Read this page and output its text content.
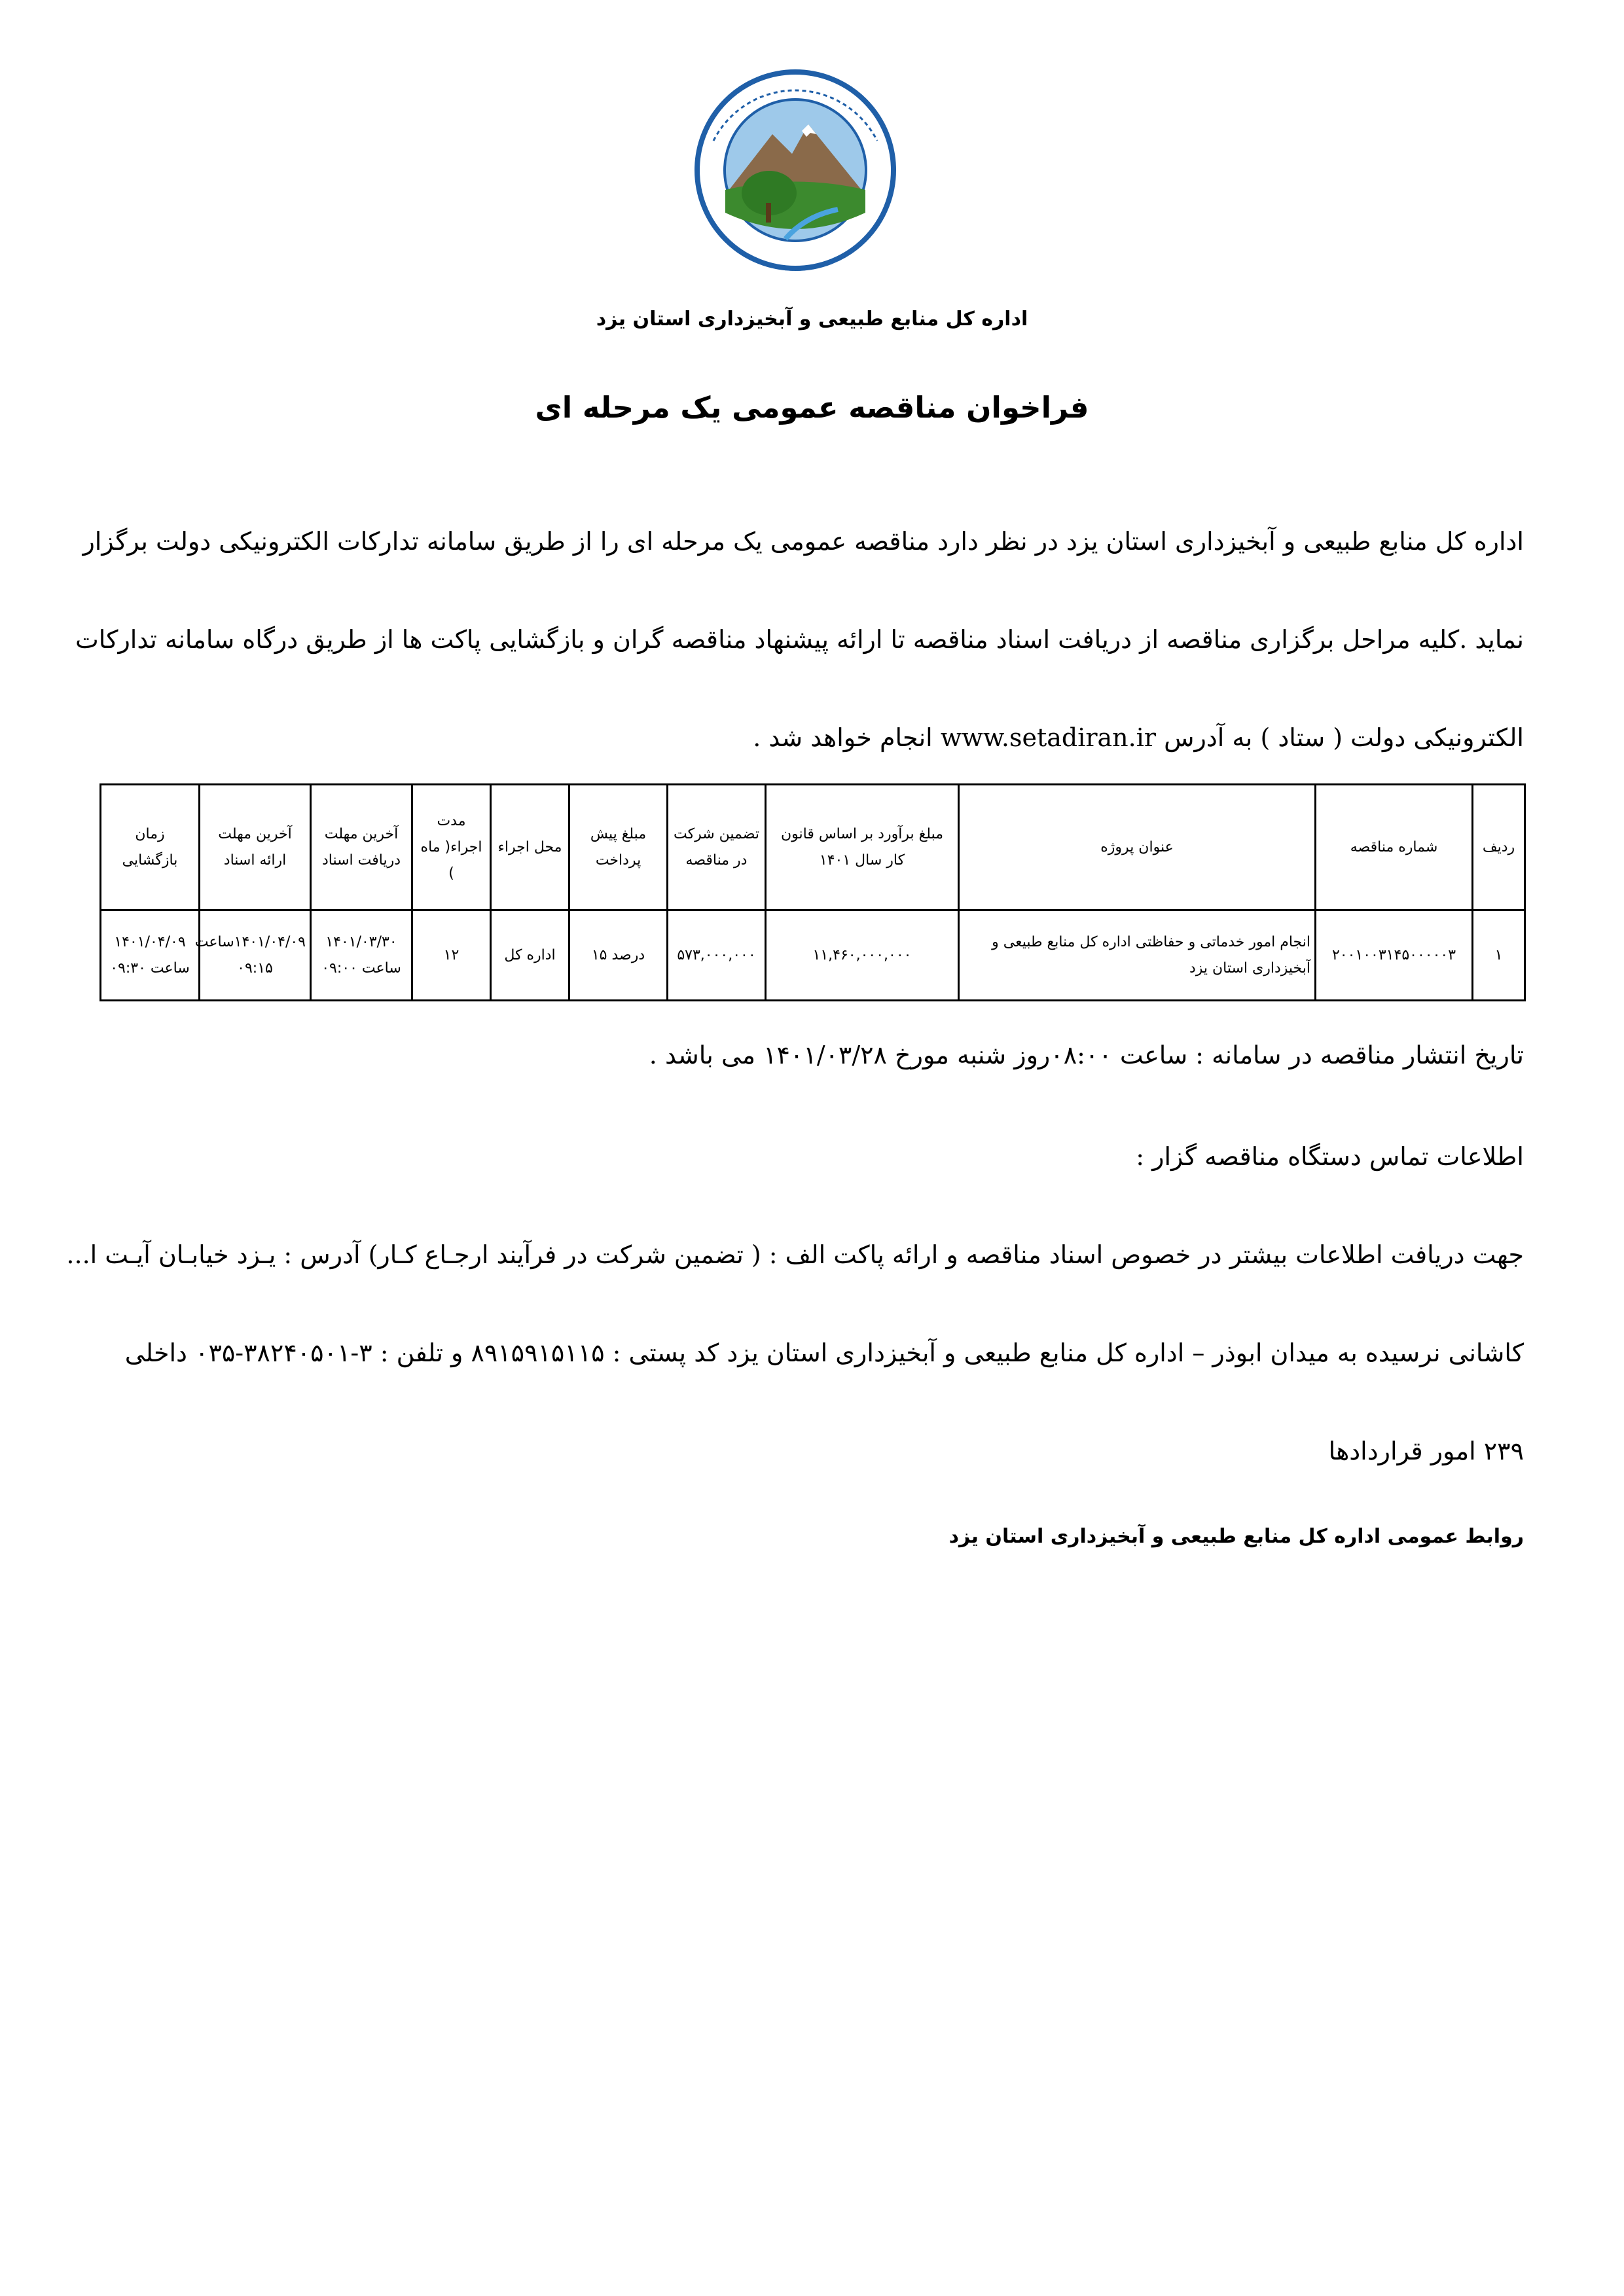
اداره کل منابع طبیعی و آبخیزداری استان یزد
فراخوان مناقصه عمومی یک مرحله ای
اداره کل منابع طبیعی و آبخیزداری استان یزد در نظر دارد مناقصه عمومی یک مرحله ای را از طریق سامانه تدارکات الکترونیکی دولت برگزار
نماید .کلیه مراحل برگزاری مناقصه از دریافت اسناد مناقصه تا ارائه پیشنهاد مناقصه گران و بازگشایی پاکت ها از طریق درگاه سامانه تدارکات
الکترونیکی دولت ( ستاد ) به آدرس www.setadiran.ir انجام خواهد شد .
ردیف	شماره مناقصه	عنوان پروژه	مبلغ برآورد بر اساس قانون کار سال ۱۴۰۱	تضمین شرکت در مناقصه	مبلغ پیش پرداخت	محل اجراء	مدت اجراء( ماه )	آخرین مهلت دریافت اسناد	آخرین مهلت ارائه اسناد	زمان بازگشایی
۱	۲۰۰۱۰۰۳۱۴۵۰۰۰۰۰۳	انجام امور خدماتی و حفاظتی اداره کل منابع طبیعی و آبخیزداری استان یزد	۱۱,۴۶۰,۰۰۰,۰۰۰	۵۷۳,۰۰۰,۰۰۰	درصد ۱۵	اداره کل	۱۲	۱۴۰۱/۰۳/۳۰ ساعت ۰۹:۰۰	۱۴۰۱/۰۴/۰۹ساعت ۰۹:۱۵	۱۴۰۱/۰۴/۰۹ ساعت ۰۹:۳۰
تاریخ انتشار مناقصه در سامانه : ساعت ۰۸:۰۰روز شنبه مورخ ۱۴۰۱/۰۳/۲۸ می باشد .
اطلاعات تماس دستگاه مناقصه گزار :
جهت دریافت اطلاعات بیشتر در خصوص اسناد مناقصه و ارائه پاکت الف : ( تضمین شرکت در فرآیند ارجـاع کـار) آدرس : یـزد خیابـان آیـت ا...
کاشانی نرسیده به میدان ابوذر – اداره کل منابع طبیعی و آبخیزداری استان یزد کد پستی : ۸۹۱۵۹۱۵۱۱۵ و تلفن : ۳-۳۸۲۴۰۵۰۱-۰۳۵ داخلی
۲۳۹ امور قراردادها
روابط عمومی اداره کل منابع طبیعی و آبخیزداری استان یزد
